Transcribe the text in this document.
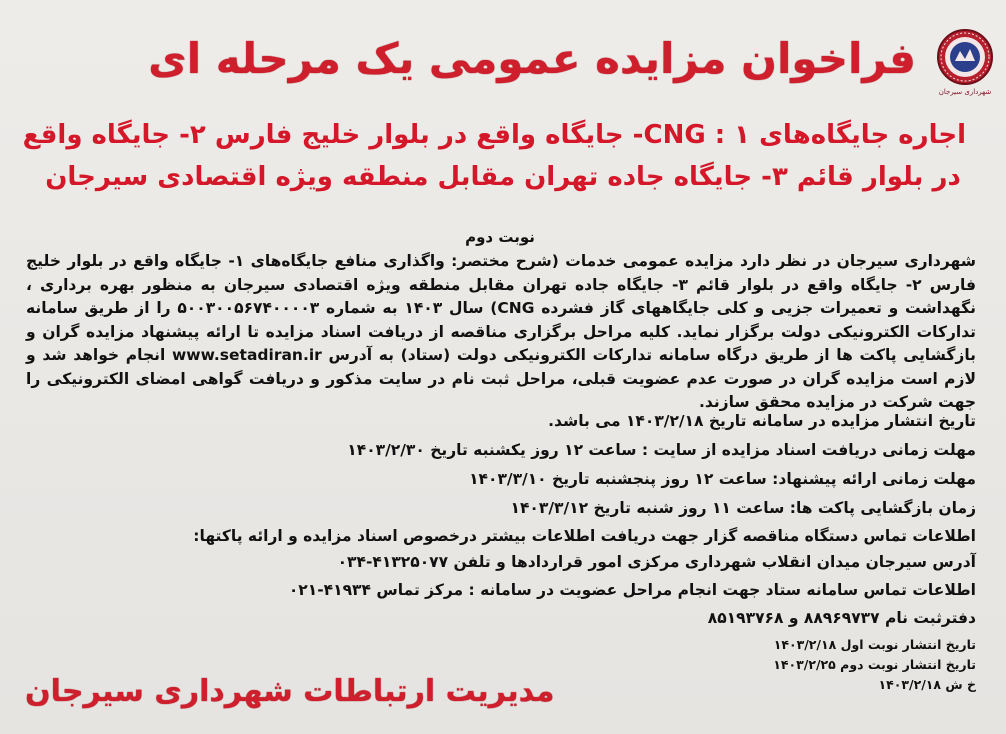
شهرداری سیرجان
فراخوان مزایده عمومی یک مرحله ای
اجاره جایگاه‌های CNG : ۱- جایگاه واقع در بلوار خلیج فارس ۲- جایگاه واقع
در بلوار قائم ۳- جایگاه جاده تهران مقابل منطقه ویژه اقتصادی سیرجان
نوبت دوم
شهرداری سیرجان در نظر دارد مزایده عمومی خدمات (شرح مختصر: واگذاری منافع جایگاه‌های ۱- جایگاه واقع در بلوار خلیج فارس ۲- جایگاه واقع در بلوار قائم ۳- جایگاه جاده تهران مقابل منطقه ویژه اقتصادی سیرجان به منظور بهره برداری ، نگهداشت و تعمیرات جزیی و کلی جایگاههای گاز فشرده CNG) سال ۱۴۰۳ به شماره ۵۰۰۳۰۰۵۶۷۴۰۰۰۰۳ را از طریق سامانه تدارکات الکترونیکی دولت برگزار نماید. کلیه مراحل برگزاری مناقصه از دریافت اسناد مزایده تا ارائه پیشنهاد مزایده گران و بازگشایی پاکت ها از طریق درگاه سامانه تدارکات الکترونیکی دولت (ستاد) به آدرس www.setadiran.ir انجام خواهد شد و لازم است مزایده گران در صورت عدم عضویت قبلی، مراحل ثبت نام در سایت مذکور و دریافت گواهی امضای الکترونیکی را جهت شرکت در مزایده محقق سازند.
تاریخ انتشار مزایده در سامانه تاریخ ۱۴۰۳/۲/۱۸ می باشد.
مهلت زمانی دریافت اسناد مزایده از سایت : ساعت ۱۲ روز یکشنبه تاریخ ۱۴۰۳/۲/۳۰
مهلت زمانی ارائه پیشنهاد: ساعت ۱۲ روز پنجشنبه تاریخ ۱۴۰۳/۳/۱۰
زمان بازگشایی پاکت ها: ساعت ۱۱ روز شنبه تاریخ ۱۴۰۳/۳/۱۲
اطلاعات تماس دستگاه مناقصه گزار جهت دریافت اطلاعات بیشتر درخصوص اسناد مزایده و ارائه پاکتها:
آدرس سیرجان میدان انقلاب شهرداری مرکزی امور قراردادها و تلفن ۴۱۳۲۵۰۷۷-۰۳۴
اطلاعات تماس سامانه ستاد جهت انجام مراحل عضویت در سامانه : مرکز تماس ۴۱۹۳۴-۰۲۱
دفترثبت نام ۸۸۹۶۹۷۳۷ و ۸۵۱۹۳۷۶۸
تاریخ انتشار نوبت اول ۱۴۰۳/۲/۱۸
تاریخ انتشار نوبت دوم ۱۴۰۳/۲/۲۵
خ ش ۱۴۰۳/۲/۱۸
مدیریت ارتباطات شهرداری سیرجان
